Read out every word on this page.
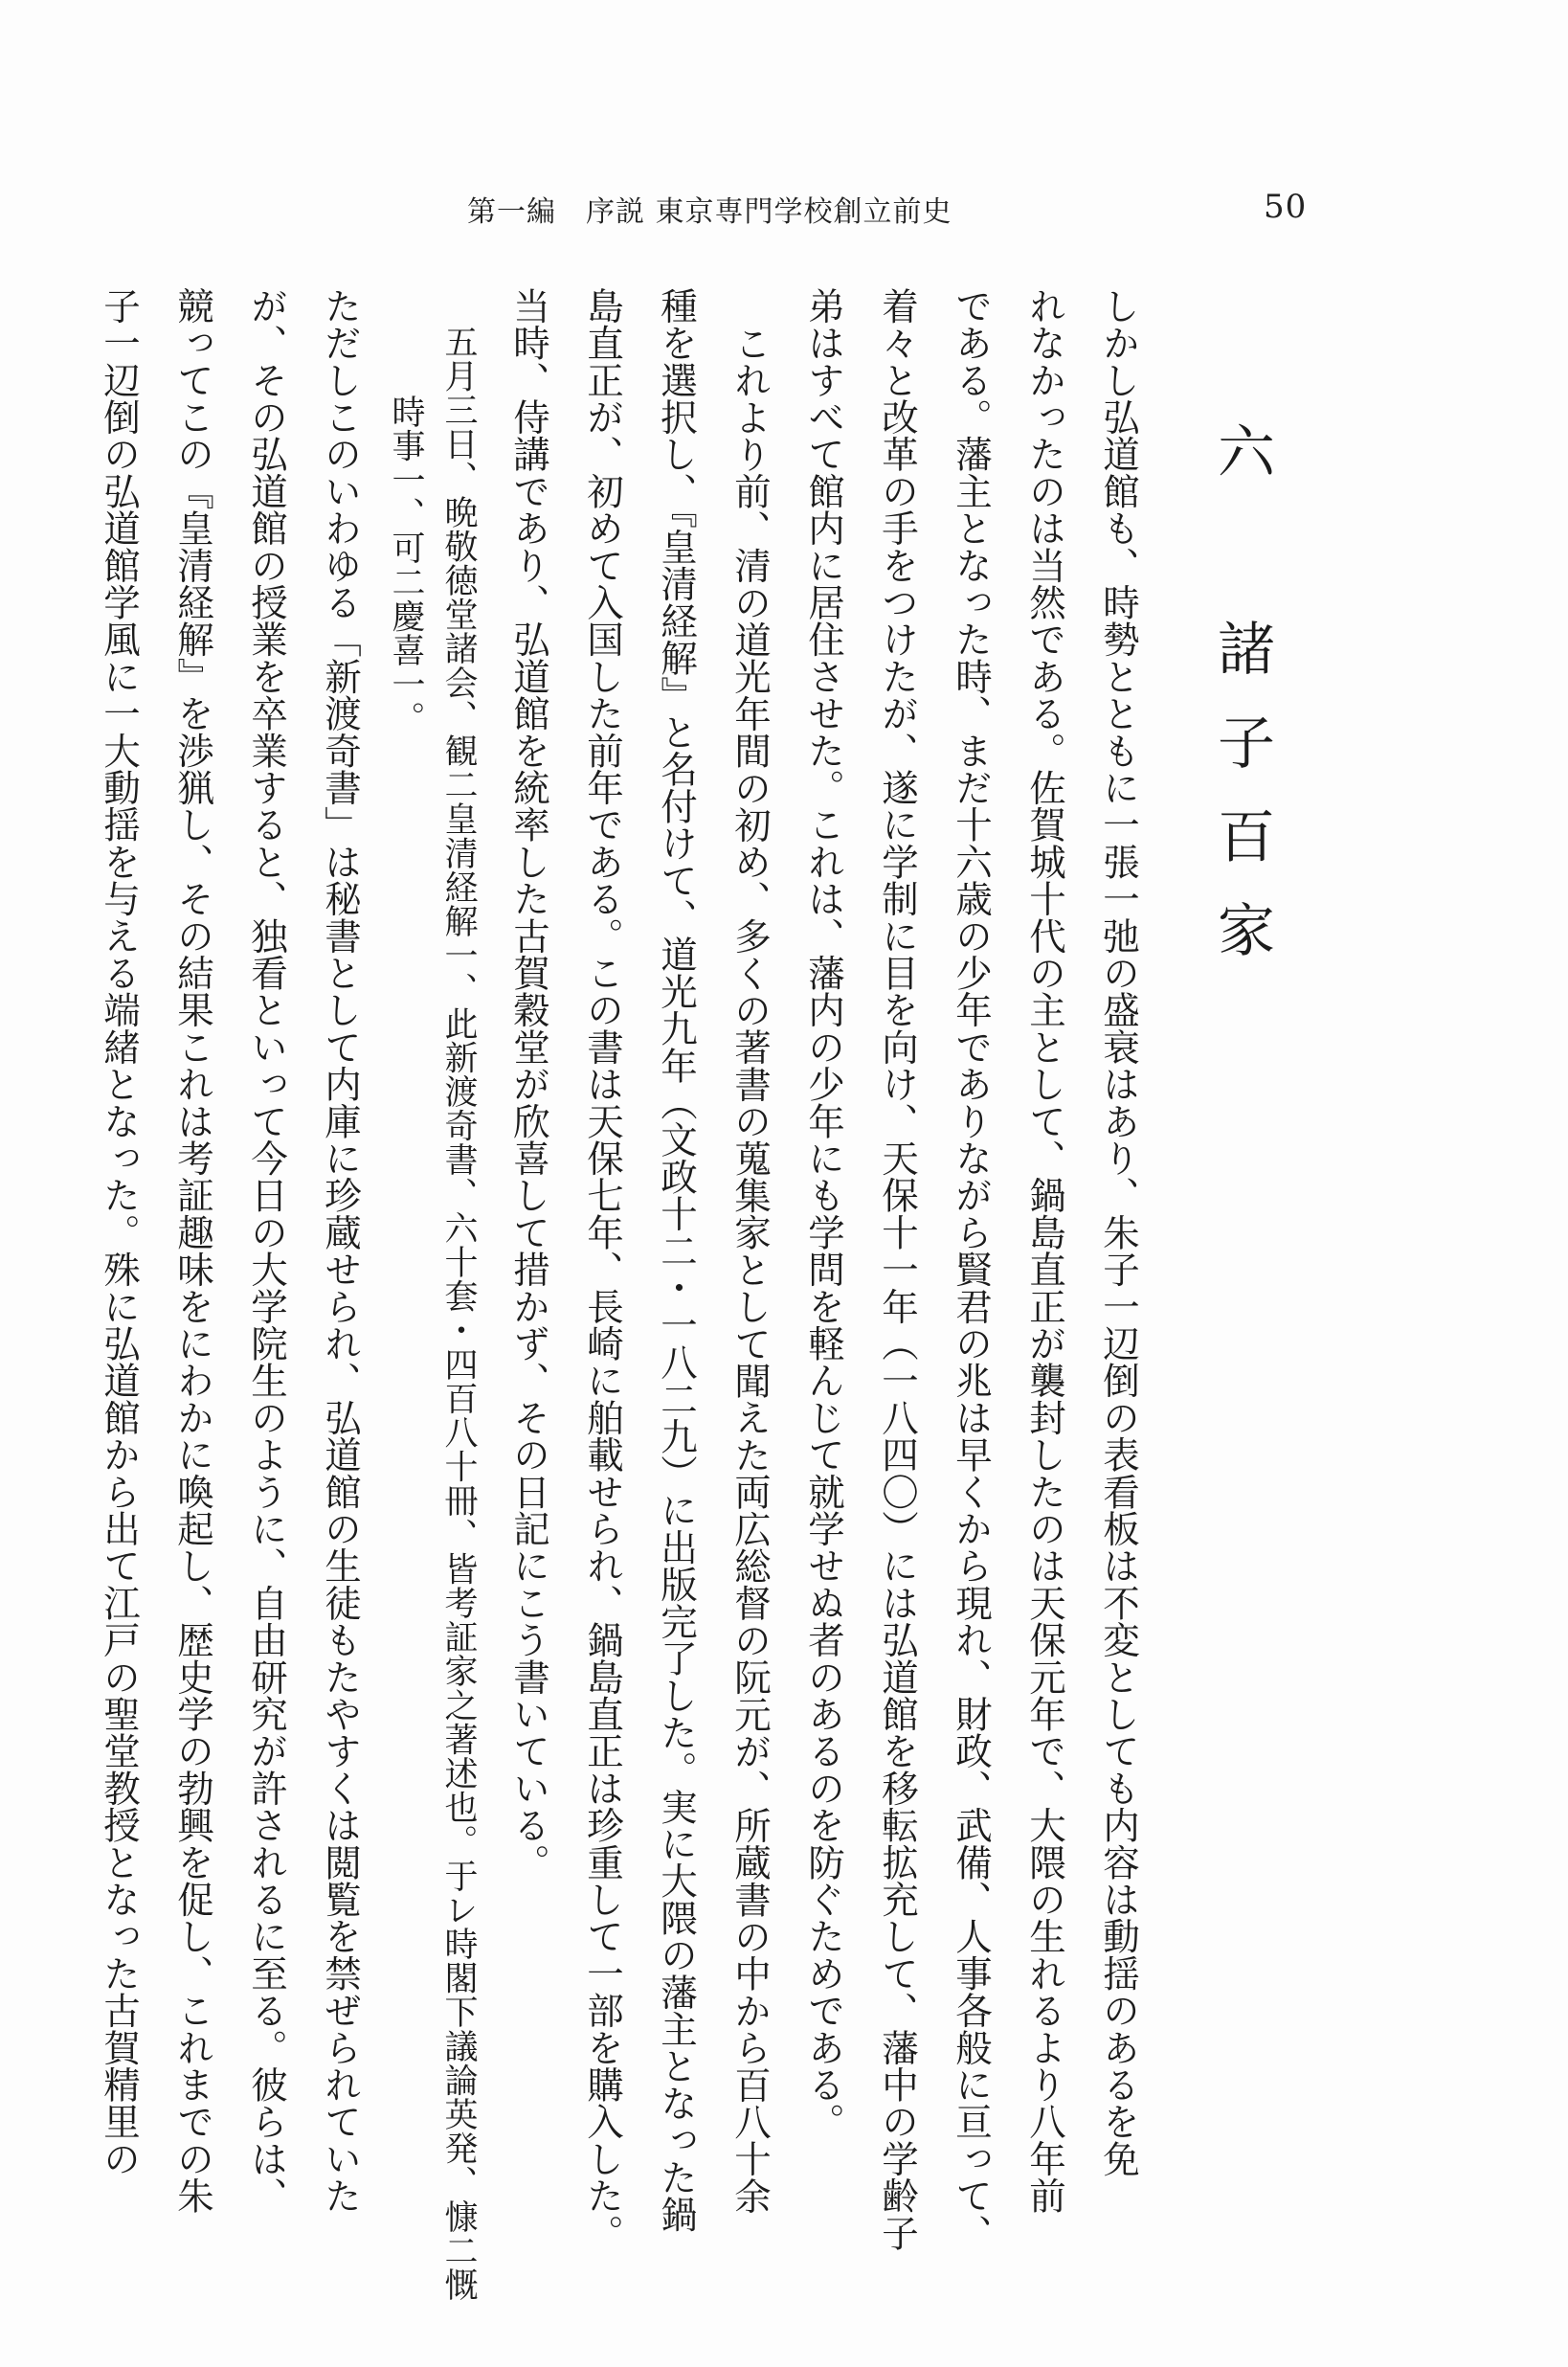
第一編　序説 東京専門学校創立前史	50
六 諸子百家
しかし弘道館も、時勢とともに一張一弛の盛衰はあり、朱子一辺倒の表看板は不変としても内容は動揺のあるを免
れなかったのは当然である。佐賀城十代の主として、鍋島直正が襲封したのは天保元年で、大隈の生れるより八年前
である。藩主となった時、まだ十六歳の少年でありながら賢君の兆は早くから現れ、財政、武備、人事各般に亘って、
着々と改革の手をつけたが、遂に学制に目を向け、天保十一年（一八四〇）には弘道館を移転拡充して、藩中の学齢子
弟はすべて館内に居住させた。これは、藩内の少年にも学問を軽んじて就学せぬ者のあるのを防ぐためである。
これより前、清の道光年間の初め、多くの著書の蒐集家として聞えた両広総督の阮元が、所蔵書の中から百八十余
種を選択し、『皇清経解』と名付けて、道光九年（文政十二・一八二九）に出版完了した。実に大隈の藩主となった鍋
島直正が、初めて入国した前年である。この書は天保七年、長崎に舶載せられ、鍋島直正は珍重して一部を購入した。
当時、侍講であり、弘道館を統率した古賀穀堂が欣喜して措かず、その日記にこう書いている。
五月三日、晩敬徳堂諸会、観二皇清経解一、此新渡奇書、六十套・四百八十冊、皆考証家之著述也。于レ時閣下議論英発、慷二慨
時事一、可二慶喜一。
ただしこのいわゆる「新渡奇書」は秘書として内庫に珍蔵せられ、弘道館の生徒もたやすくは閲覧を禁ぜられていた
が、その弘道館の授業を卒業すると、独看といって今日の大学院生のように、自由研究が許されるに至る。彼らは、
競ってこの『皇清経解』を渉猟し、その結果これは考証趣味をにわかに喚起し、歴史学の勃興を促し、これまでの朱
子一辺倒の弘道館学風に一大動揺を与える端緒となった。殊に弘道館から出て江戸の聖堂教授となった古賀精里の
